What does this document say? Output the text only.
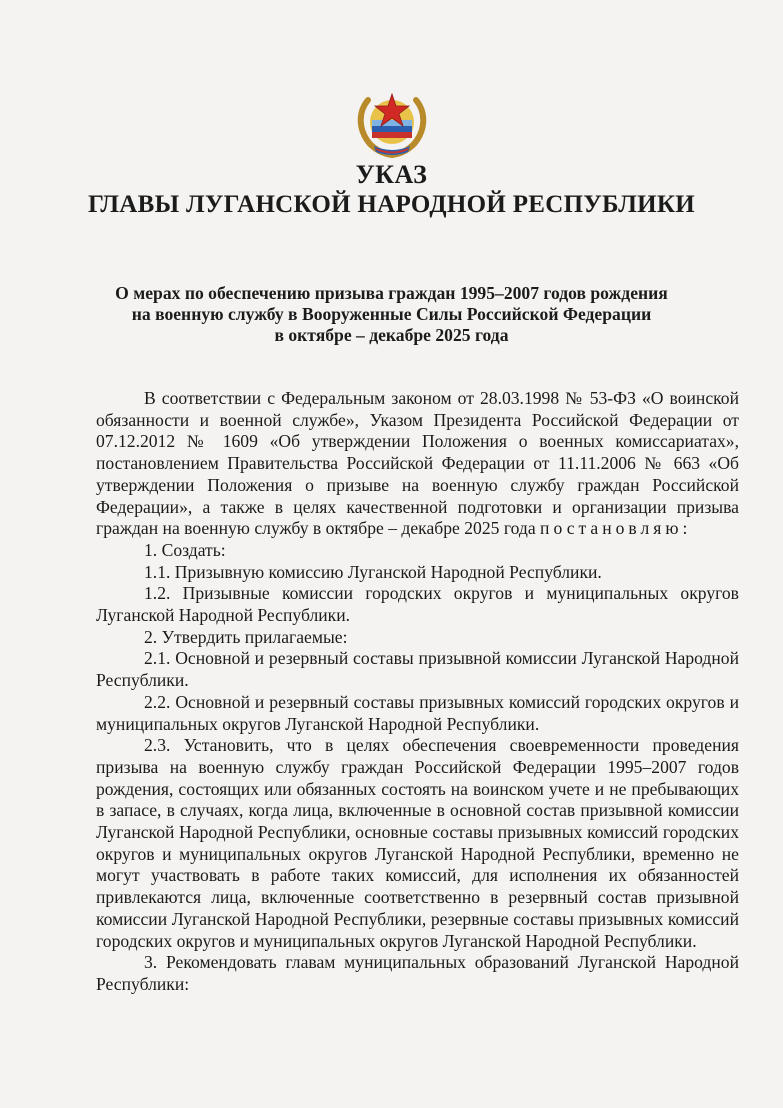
УКАЗ
ГЛАВЫ ЛУГАНСКОЙ НАРОДНОЙ РЕСПУБЛИКИ
О мерах по обеспечению призыва граждан 1995–2007 годов рождения
на военную службу в Вооруженные Силы Российской Федерации
в октябре – декабре 2025 года

В соответствии с Федеральным законом от 28.03.1998 № 53-ФЗ «О воинской обязанности и военной службе», Указом Президента Российской Федерации от 07.12.2012 № 1609 «Об утверждении Положения о военных комиссариатах», постановлением Правительства Российской Федерации от 11.11.2006 № 663 «Об утверждении Положения о призыве на военную службу граждан Российской Федерации», а также в целях качественной подготовки и организации призыва граждан на военную службу в октябре – декабре 2025 года постановляю:

1. Создать:

1.1. Призывную комиссию Луганской Народной Республики.

1.2. Призывные комиссии городских округов и муниципальных округов Луганской Народной Республики.

2. Утвердить прилагаемые:

2.1. Основной и резервный составы призывной комиссии Луганской Народной Республики.

2.2. Основной и резервный составы призывных комиссий городских округов и муниципальных округов Луганской Народной Республики.

2.3. Установить, что в целях обеспечения своевременности проведения призыва на военную службу граждан Российской Федерации 1995–2007 годов рождения, состоящих или обязанных состоять на воинском учете и не пребывающих в запасе, в случаях, когда лица, включенные в основной состав призывной комиссии Луганской Народной Республики, основные составы призывных комиссий городских округов и муниципальных округов Луганской Народной Республики, временно не могут участвовать в работе таких комиссий, для исполнения их обязанностей привлекаются лица, включенные соответственно в резервный состав призывной комиссии Луганской Народной Республики, резервные составы призывных комиссий городских округов и муниципальных округов Луганской Народной Республики.

3. Рекомендовать главам муниципальных образований Луганской Народной Республики:
